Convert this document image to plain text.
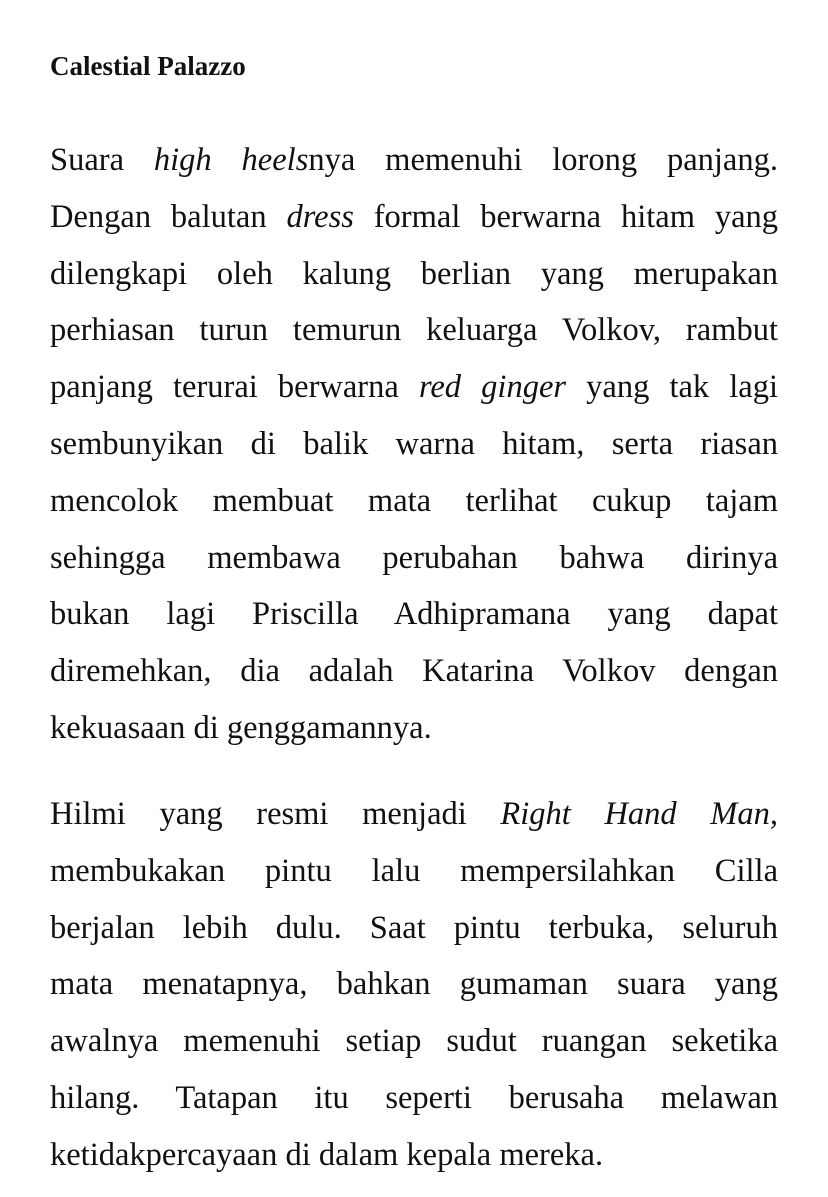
Calestial Palazzo
Suara high heelsnya memenuhi lorong panjang.
Dengan balutan dress formal berwarna hitam yang
dilengkapi oleh kalung berlian yang merupakan
perhiasan turun temurun keluarga Volkov, rambut
panjang terurai berwarna red ginger yang tak lagi
sembunyikan di balik warna hitam, serta riasan
mencolok membuat mata terlihat cukup tajam
sehingga membawa perubahan bahwa dirinya
bukan lagi Priscilla Adhipramana yang dapat
diremehkan, dia adalah Katarina Volkov dengan
kekuasaan di genggamannya.
Hilmi yang resmi menjadi Right Hand Man,
membukakan pintu lalu mempersilahkan Cilla
berjalan lebih dulu. Saat pintu terbuka, seluruh
mata menatapnya, bahkan gumaman suara yang
awalnya memenuhi setiap sudut ruangan seketika
hilang. Tatapan itu seperti berusaha melawan
ketidakpercayaan di dalam kepala mereka.
